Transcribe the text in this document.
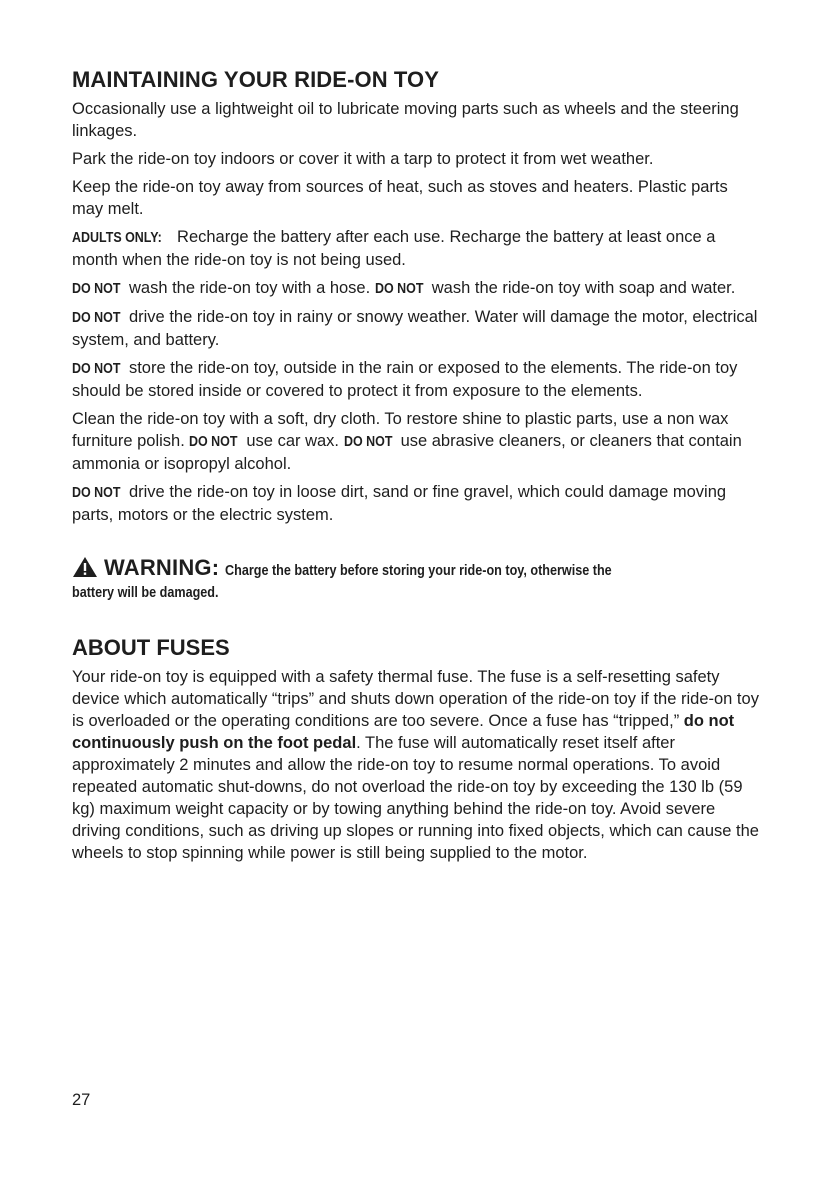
MAINTAINING YOUR RIDE-ON TOY

Occasionally use a lightweight oil to lubricate moving parts such as wheels and the steering linkages.

Park the ride-on toy indoors or cover it with a tarp to protect it from wet weather.

Keep the ride-on toy away from sources of heat, such as stoves and heaters. Plastic parts may melt.

ADULTS ONLY: Recharge the battery after each use. Recharge the battery at least once a month when the ride-on toy is not being used.

DO NOT wash the ride-on toy with a hose. DO NOT wash the ride-on toy with soap and water.

DO NOT drive the ride-on toy in rainy or snowy weather. Water will damage the motor, electrical system, and battery.

DO NOT store the ride-on toy, outside in the rain or exposed to the elements. The ride-on toy should be stored inside or covered to protect it from exposure to the elements.

Clean the ride-on toy with a soft, dry cloth. To restore shine to plastic parts, use a non wax furniture polish. DO NOT use car wax. DO NOT use abrasive cleaners, or cleaners that contain ammonia or isopropyl alcohol.

DO NOT drive the ride-on toy in loose dirt, sand or fine gravel, which could damage moving parts, motors or the electric system.

WARNING: Charge the battery before storing your ride-on toy, otherwise the
battery will be damaged.
ABOUT FUSES

Your ride-on toy is equipped with a safety thermal fuse. The fuse is a self-resetting safety device which automatically “trips” and shuts down operation of the ride-on toy if the ride-on toy is overloaded or the operating conditions are too severe. Once a fuse has “tripped,” do not continuously push on the foot pedal. The fuse will automatically reset itself after approximately 2 minutes and allow the ride-on toy to resume normal operations. To avoid repeated automatic shut-downs, do not overload the ride-on toy by exceeding the 130 lb (59 kg) maximum weight capacity or by towing anything behind the ride-on toy. Avoid severe driving conditions, such as driving up slopes or running into fixed objects, which can cause the wheels to stop spinning while power is still being supplied to the motor.

27
